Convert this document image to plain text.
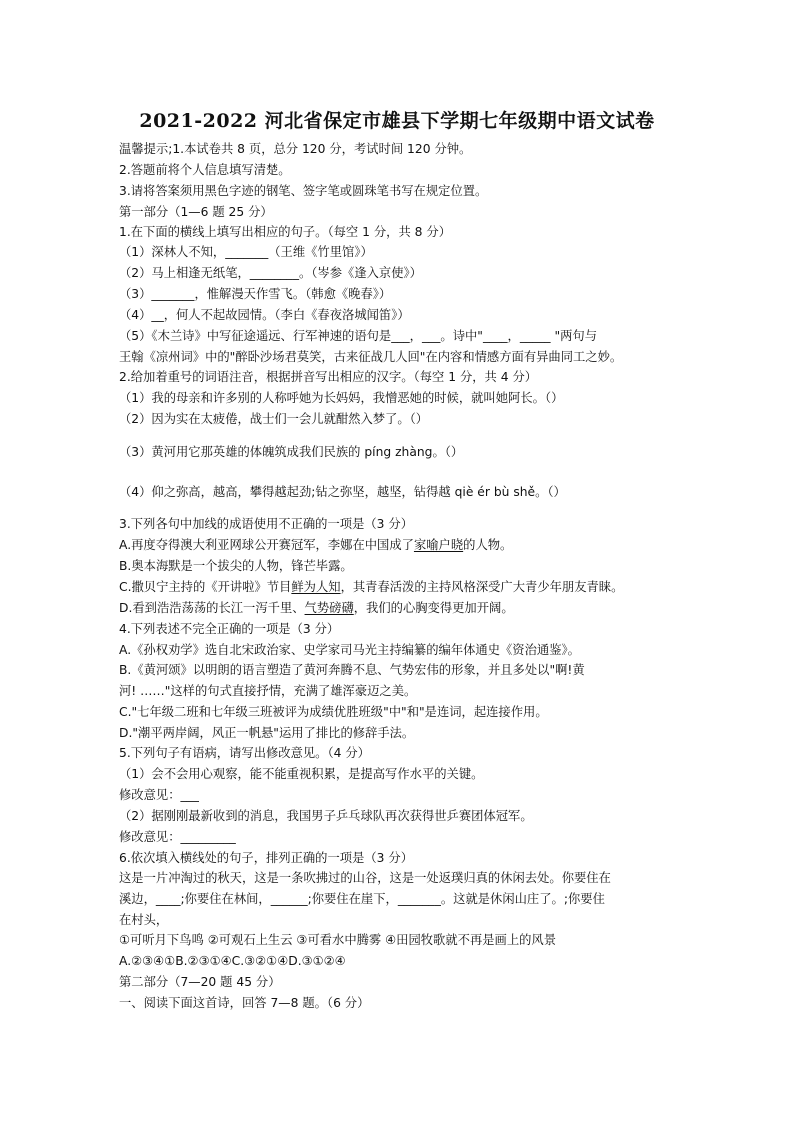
2021-2022 河北省保定市雄县下学期七年级期中语文试卷
温馨提示;1.本试卷共 8 页，总分 120 分，考试时间 120 分钟。
2.答题前将个人信息填写清楚。
3.请将答案须用黑色字迹的钢笔、签字笔或圆珠笔书写在规定位置。
第一部分（1—6 题 25 分）
1.在下面的横线上填写出相应的句子。（每空 1 分，共 8 分）
（1）深林人不知，_______（王维《竹里馆》）
（2）马上相逢无纸笔，________。（岑参《逢入京使》）
（3）_______，惟解漫天作雪飞。（韩愈《晚春》）
（4）__，何人不起故园情。（李白《春夜洛城闻笛》）
（5）《木兰诗》中写征途遥远、行军神速的语句是___，___。诗中"____，_____ "两句与
王翰《凉州词》中的"醉卧沙场君莫笑，古来征战几人回"在内容和情感方面有异曲同工之妙。
2.给加着重号的词语注音，根据拼音写出相应的汉字。（每空 1 分，共 4 分）
（1）我的母亲和许多别的人称呼她为长妈妈，我憎恶她的时候，就叫她阿长。（）
（2）因为实在太疲倦，战士们一会儿就酣然入梦了。（）
（3）黄河用它那英雄的体魄筑成我们民族的 píng zhàng。（）
（4）仰之弥高，越高，攀得越起劲;钻之弥坚，越坚，钻得越 qiè ér bù shě。（）
3.下列各句中加线的成语使用不正确的一项是（3 分）
A.再度夺得澳大利亚网球公开赛冠军，李娜在中国成了家喻户晓的人物。
B.奥本海默是一个拔尖的人物，锋芒毕露。
C.撒贝宁主持的《开讲啦》节目鲜为人知，其青春活泼的主持风格深受广大青少年朋友青睐。
D.看到浩浩荡荡的长江一泻千里、气势磅礴，我们的心胸变得更加开阔。
4.下列表述不完全正确的一项是（3 分）
A.《孙权劝学》选自北宋政治家、史学家司马光主持编纂的编年体通史《资治通鉴》。
B.《黄河颂》以明朗的语言塑造了黄河奔腾不息、气势宏伟的形象，并且多处以"啊!黄
河! ……"这样的句式直接抒情，充满了雄浑豪迈之美。
C."七年级二班和七年级三班被评为成绩优胜班级"中"和"是连词，起连接作用。
D."潮平两岸阔，风正一帆悬"运用了排比的修辞手法。
5.下列句子有语病，请写出修改意见。（4 分）
（1）会不会用心观察，能不能重视积累，是提高写作水平的关键。
修改意见：___
（2）据刚刚最新收到的消息，我国男子乒乓球队再次获得世乒赛团体冠军。
修改意见：_________
6.依次填入横线处的句子，排列正确的一项是（3 分）
这是一片冲淘过的秋天，这是一条吹拂过的山谷，这是一处返璞归真的休闲去处。你要住在
溪边，____;你要住在林间，______;你要住在崖下，_______。这就是休闲山庄了。;你要住
在村头，
①可听月下鸟鸣 ②可观石上生云 ③可看水中腾雾 ④田园牧歌就不再是画上的风景
A.②③④①B.②③①④C.③②①④D.③①②④
第二部分（7—20 题 45 分）
一、阅读下面这首诗，回答 7—8 题。（6 分）
